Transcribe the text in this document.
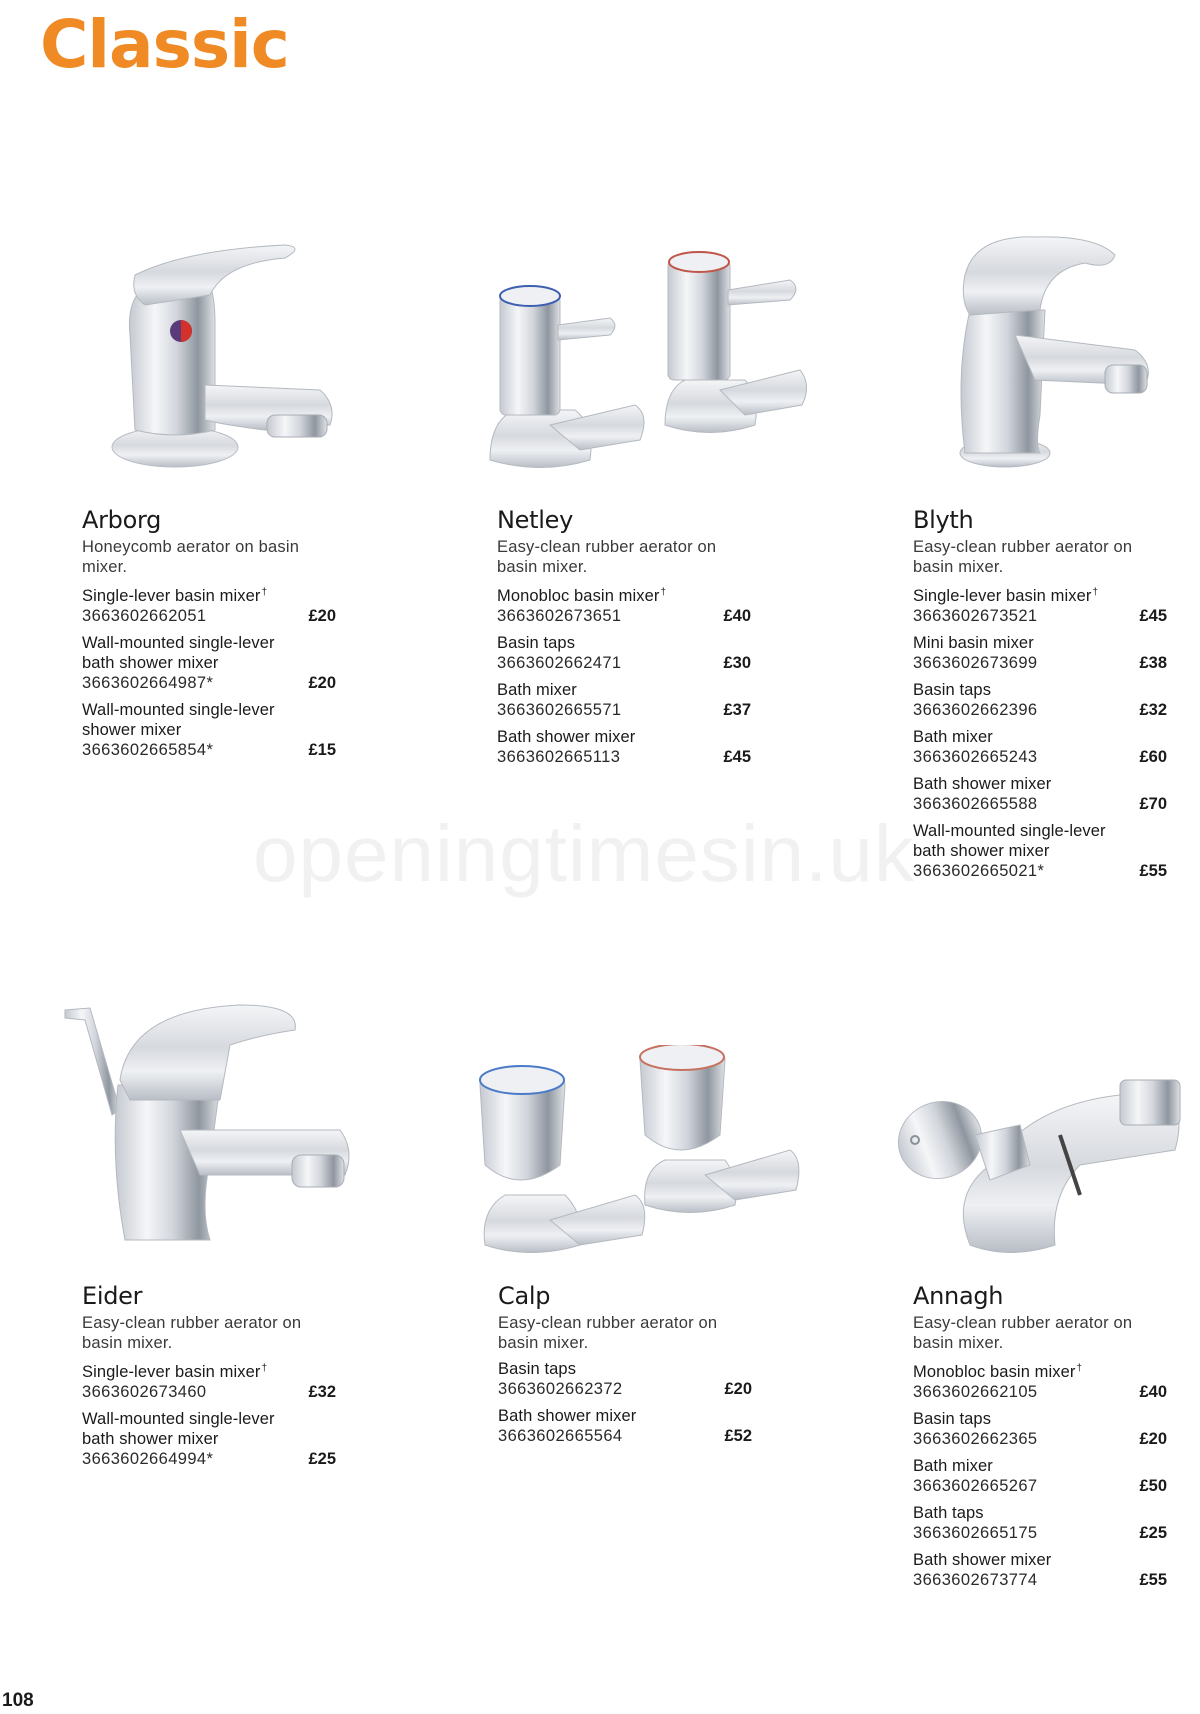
Classic
openingtimesin.uk
Arborg

Honeycomb aerator on basin mixer.

Single-lever basin mixer†
3663602662051	£20
Wall-mounted single-lever bath shower mixer
3663602664987*	£20
Wall-mounted single-lever shower mixer
3663602665854*	£15
Netley

Easy-clean rubber aerator on basin mixer.

Monobloc basin mixer†
3663602673651	£40
Basin taps
3663602662471	£30
Bath mixer
3663602665571	£37
Bath shower mixer
3663602665113	£45
Blyth

Easy-clean rubber aerator on basin mixer.

Single-lever basin mixer†
3663602673521	£45
Mini basin mixer
3663602673699	£38
Basin taps
3663602662396	£32
Bath mixer
3663602665243	£60
Bath shower mixer
3663602665588	£70
Wall-mounted single-lever bath shower mixer
3663602665021*	£55
Eider

Easy-clean rubber aerator on basin mixer.

Single-lever basin mixer†
3663602673460	£32
Wall-mounted single-lever bath shower mixer
3663602664994*	£25
Calp

Easy-clean rubber aerator on basin mixer.

Basin taps
3663602662372	£20
Bath shower mixer
3663602665564	£52
Annagh

Easy-clean rubber aerator on basin mixer.

Monobloc basin mixer†
3663602662105	£40
Basin taps
3663602662365	£20
Bath mixer
3663602665267	£50
Bath taps
3663602665175	£25
Bath shower mixer
3663602673774	£55
108
